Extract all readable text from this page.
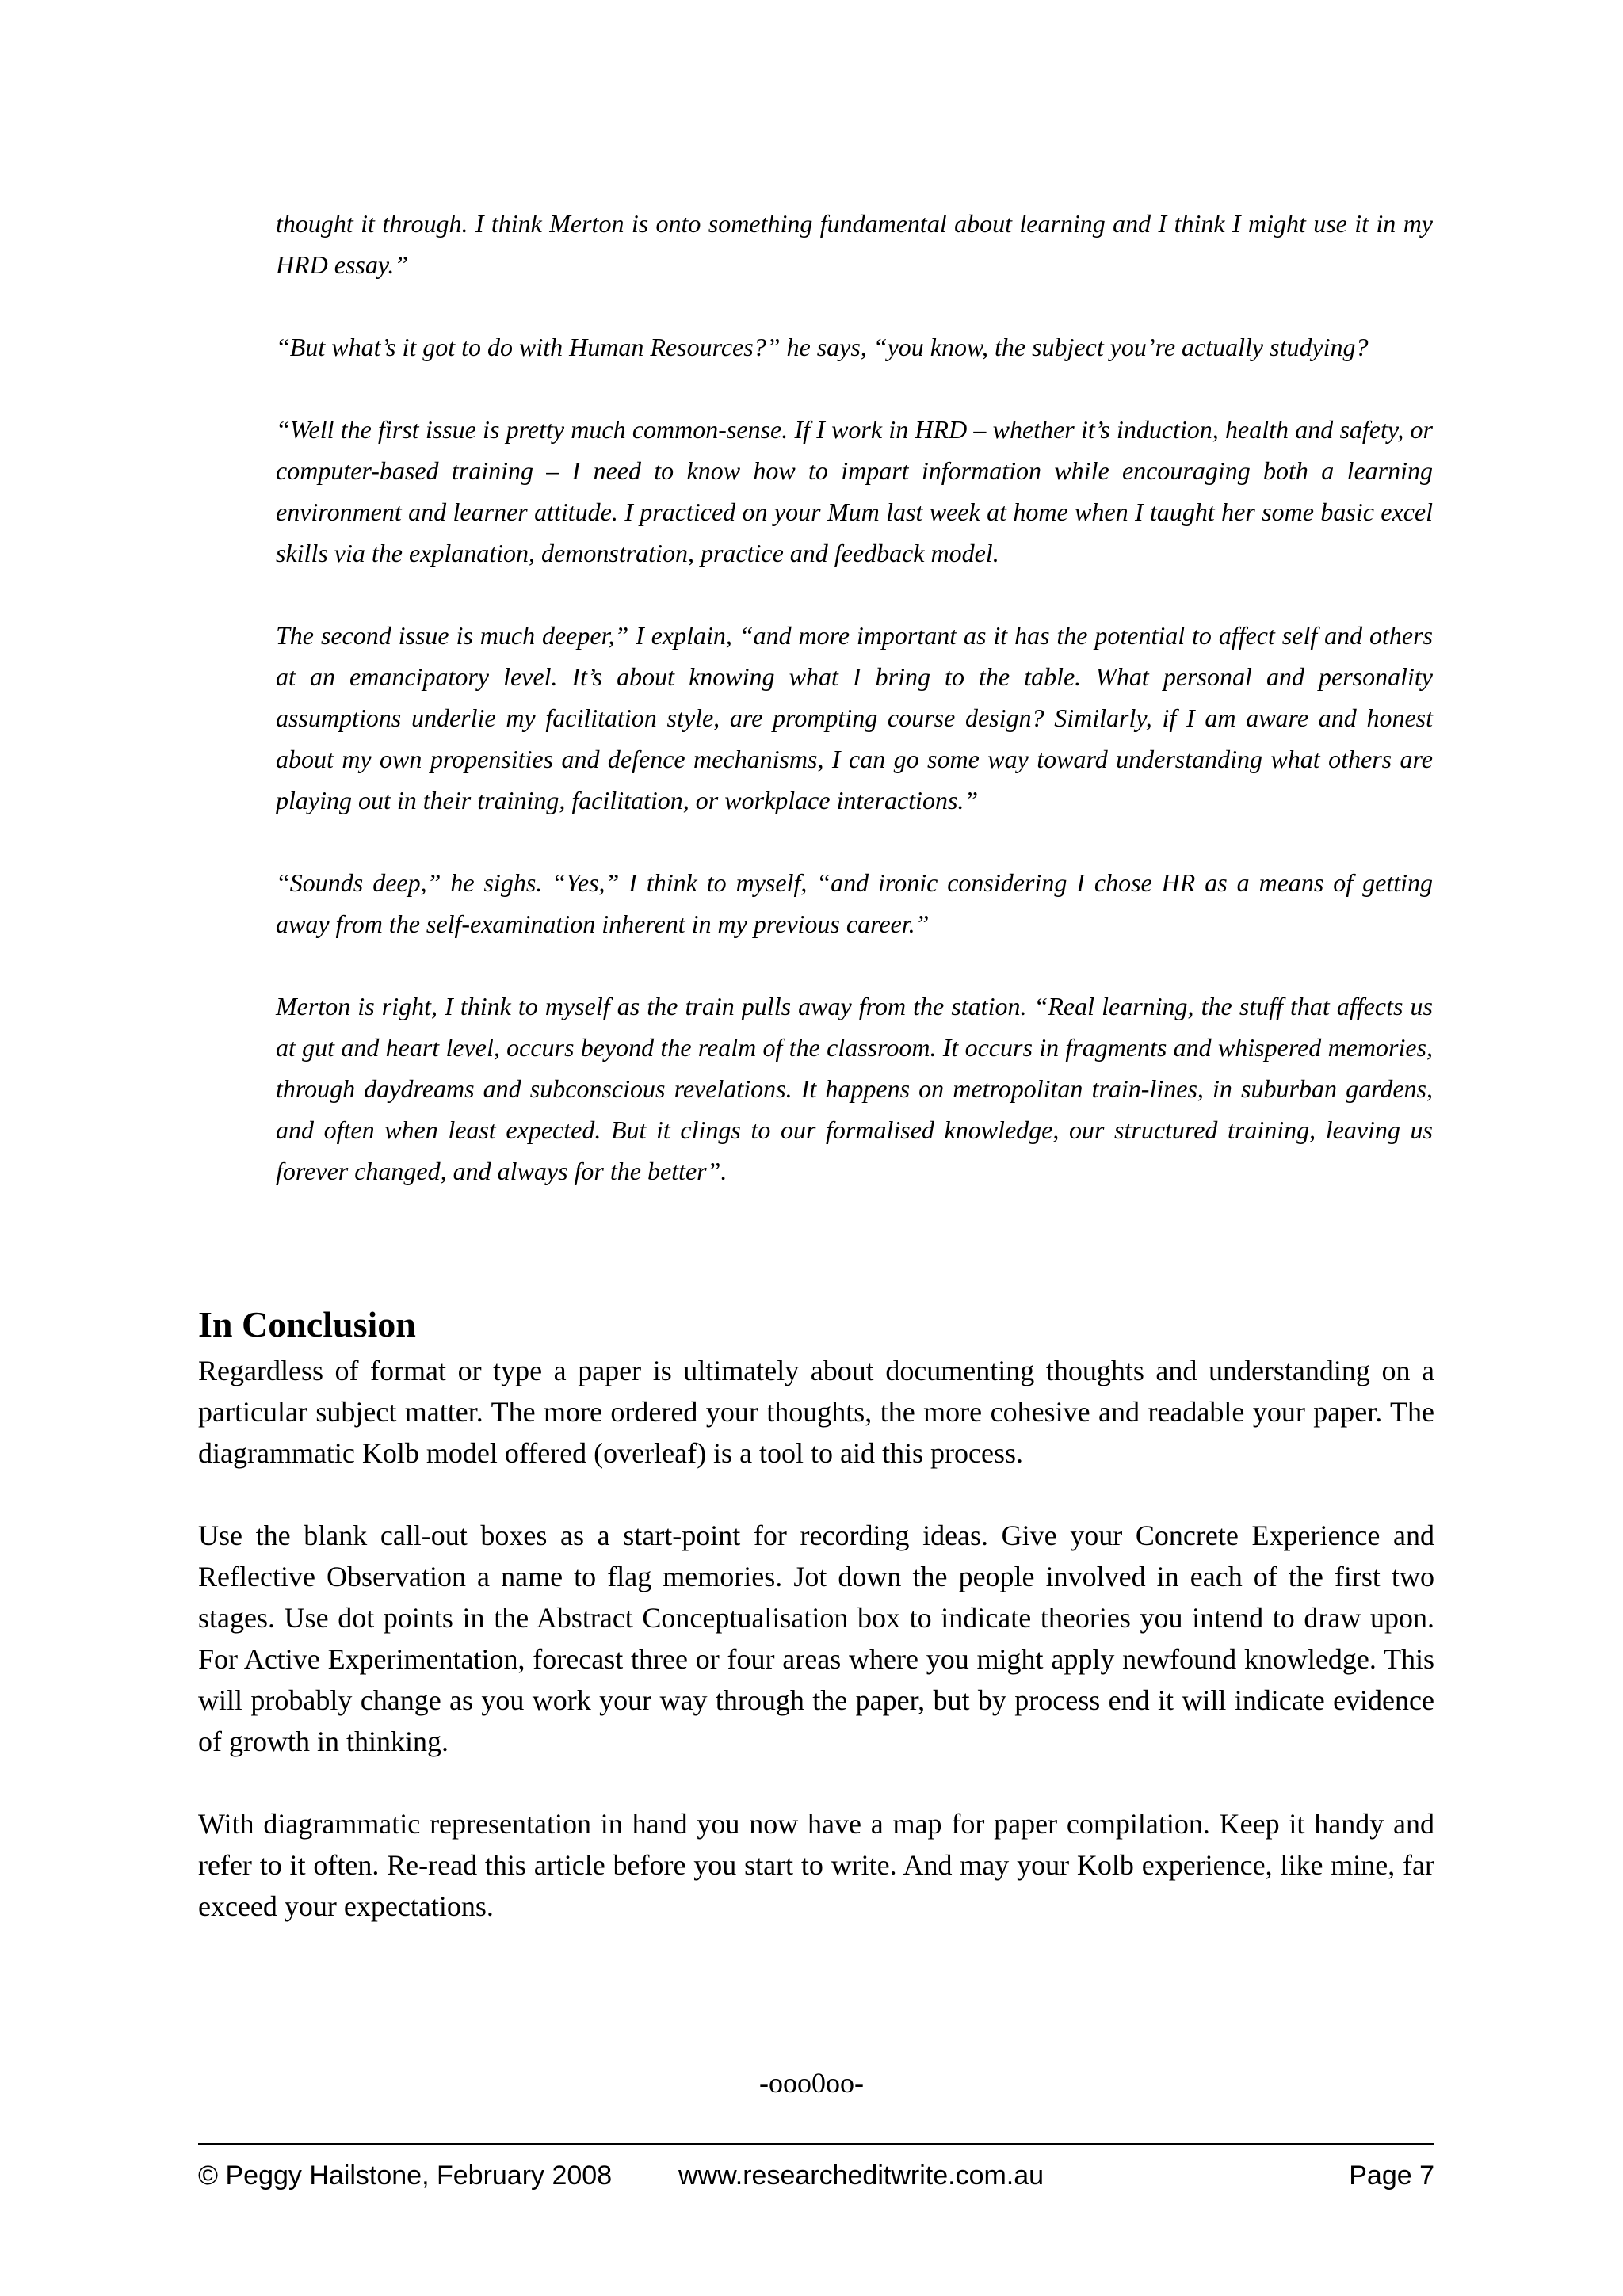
thought it through. I think Merton is onto something fundamental about learning and I think I might use it in my HRD essay.”

“But what’s it got to do with Human Resources?” he says, “you know, the subject you’re actually studying?

“Well the first issue is pretty much common-sense. If I work in HRD – whether it’s induction, health and safety, or computer-based training – I need to know how to impart information while encouraging both a learning environment and learner attitude. I practiced on your Mum last week at home when I taught her some basic excel skills via the explanation, demonstration, practice and feedback model.

The second issue is much deeper,” I explain, “and more important as it has the potential to affect self and others at an emancipatory level. It’s about knowing what I bring to the table. What personal and personality assumptions underlie my facilitation style, are prompting course design? Similarly, if I am aware and honest about my own propensities and defence mechanisms, I can go some way toward understanding what others are playing out in their training, facilitation, or workplace interactions.”

“Sounds deep,” he sighs. “Yes,” I think to myself, “and ironic considering I chose HR as a means of getting away from the self-examination inherent in my previous career.”

Merton is right, I think to myself as the train pulls away from the station. “Real learning, the stuff that affects us at gut and heart level, occurs beyond the realm of the classroom. It occurs in fragments and whispered memories, through daydreams and subconscious revelations. It happens on metropolitan train-lines, in suburban gardens, and often when least expected. But it clings to our formalised knowledge, our structured training, leaving us forever changed, and always for the better”.

In Conclusion

Regardless of format or type a paper is ultimately about documenting thoughts and understanding on a particular subject matter. The more ordered your thoughts, the more cohesive and readable your paper. The diagrammatic Kolb model offered (overleaf) is a tool to aid this process.

Use the blank call-out boxes as a start-point for recording ideas. Give your Concrete Experience and Reflective Observation a name to flag memories. Jot down the people involved in each of the first two stages. Use dot points in the Abstract Conceptualisation box to indicate theories you intend to draw upon. For Active Experimentation, forecast three or four areas where you might apply newfound knowledge. This will probably change as you work your way through the paper, but by process end it will indicate evidence of growth in thinking.

With diagrammatic representation in hand you now have a map for paper compilation. Keep it handy and refer to it often. Re-read this article before you start to write. And may your Kolb experience, like mine, far exceed your expectations.

-ooo0oo-
© Peggy Hailstone, February 2008 www.researcheditwrite.com.au	Page 7
